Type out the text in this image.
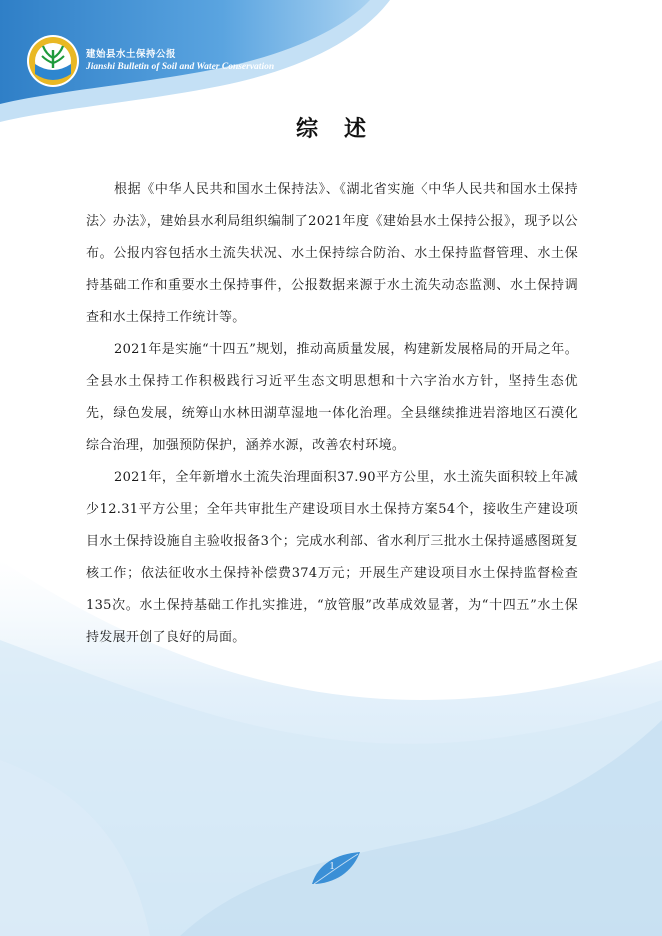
建始县水土保持公报
Jianshi Bulletin of Soil and Water Conservation
综述

根据《中华人民共和国水土保持法》、《湖北省实施〈中华人民共和国水土保持法〉办法》，建始县水利局组织编制了2021年度《建始县水土保持公报》，现予以公布。公报内容包括水土流失状况、水土保持综合防治、水土保持监督管理、水土保持基础工作和重要水土保持事件，公报数据来源于水土流失动态监测、水土保持调查和水土保持工作统计等。

2021年是实施“十四五”规划，推动高质量发展，构建新发展格局的开局之年。全县水土保持工作积极践行习近平生态文明思想和十六字治水方针，坚持生态优先，绿色发展，统筹山水林田湖草湿地一体化治理。全县继续推进岩溶地区石漠化综合治理，加强预防保护，涵养水源，改善农村环境。

2021年，全年新增水土流失治理面积37.90平方公里，水土流失面积较上年减少12.31平方公里；全年共审批生产建设项目水土保持方案54个，接收生产建设项目水土保持设施自主验收报备3个；完成水利部、省水利厅三批水土保持遥感图斑复核工作；依法征收水土保持补偿费374万元；开展生产建设项目水土保持监督检查135次。水土保持基础工作扎实推进，“放管服”改革成效显著，为“十四五”水土保持发展开创了良好的局面。

1
